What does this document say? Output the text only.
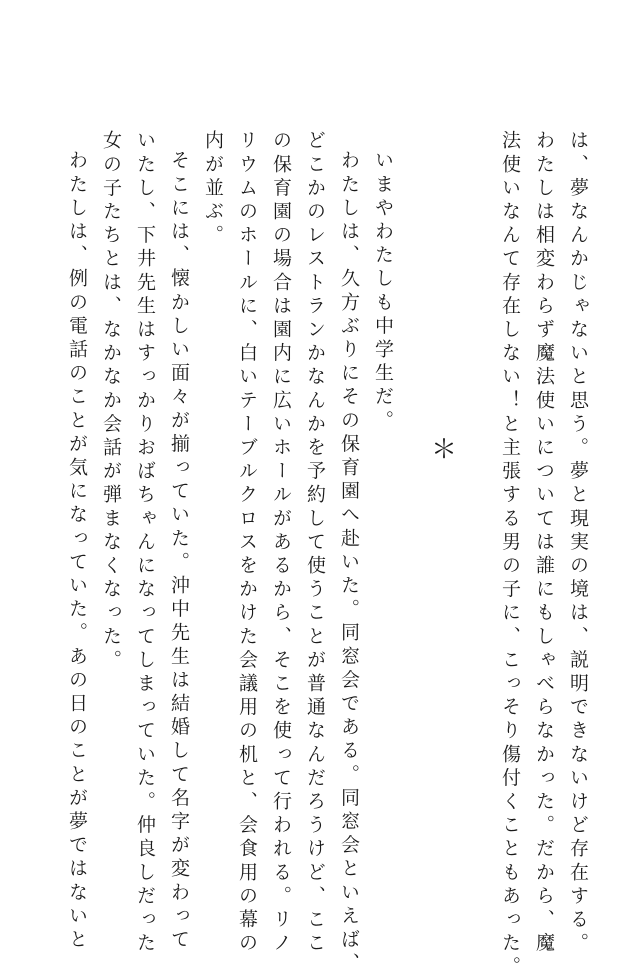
は、夢なんかじゃないと思う。夢と現実の境は、説明できないけど存在する。
わたしは相変わらず魔法使いについては誰にもしゃべらなかった。だから、魔
法使いなんて存在しない！と主張する男の子に、こっそり傷付くこともあった。
＊
いまやわたしも中学生だ。
わたしは、久方ぶりにその保育園へ赴いた。同窓会である。同窓会といえば、
どこかのレストランかなんかを予約して使うことが普通なんだろうけど、ここ
の保育園の場合は園内に広いホールがあるから、そこを使って行われる。リノ
リウムのホールに、白いテーブルクロスをかけた会議用の机と、会食用の幕の
内が並ぶ。
そこには、懐かしい面々が揃っていた。沖中先生は結婚して名字が変わって
いたし、下井先生はすっかりおばちゃんになってしまっていた。仲良しだった
女の子たちとは、なかなか会話が弾まなくなった。
わたしは、例の電話のことが気になっていた。あの日のことが夢ではないと
